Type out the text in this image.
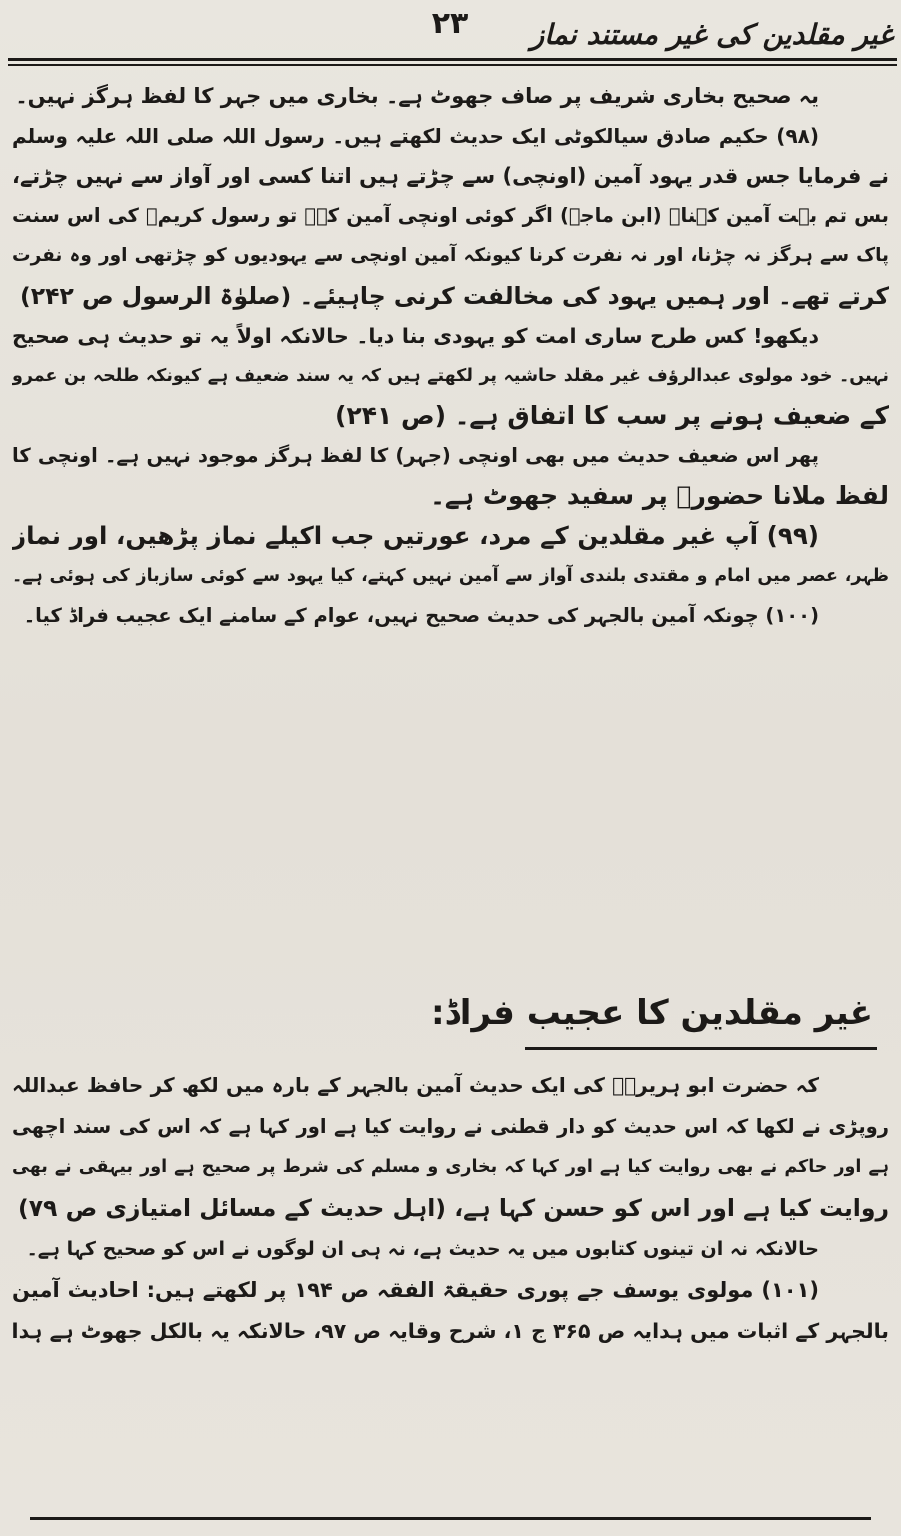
غیر مقلدین کی غیر مستند نماز
۲۳
یہ صحیح بخاری شریف پر صاف جھوٹ ہے۔ بخاری میں جہر کا لفظ ہرگز نہیں۔
(۹۸) حکیم صادق سیالکوٹی ایک حدیث لکھتے ہیں۔ رسول اللہ صلی اللہ علیہ وسلم
نے فرمایا جس قدر یہود آمین (اونچی) سے چڑتے ہیں اتنا کسی اور آواز سے نہیں چڑتے،
بس تم بہت آمین کہنا۔ (ابن ماجہ) اگر کوئی اونچی آمین کہے تو رسول کریمؐ کی اس سنت
پاک سے ہرگز نہ چڑنا، اور نہ نفرت کرنا کیونکہ آمین اونچی سے یہودیوں کو چڑتھی اور وہ نفرت
کرتے تھے۔ اور ہمیں یہود کی مخالفت کرنی چاہیئے۔ (صلوٰۃ الرسول ص ۲۴۲)
دیکھو! کس طرح ساری امت کو یہودی بنا دیا۔ حالانکہ اولاً یہ تو حدیث ہی صحیح
نہیں۔ خود مولوی عبدالرؤف غیر مقلد حاشیہ پر لکھتے ہیں کہ یہ سند ضعیف ہے کیونکہ طلحہ بن عمرو
کے ضعیف ہونے پر سب کا اتفاق ہے۔ (ص ۲۴۱)
پھر اس ضعیف حدیث میں بھی اونچی (جہر) کا لفظ ہرگز موجود نہیں ہے۔ اونچی کا
لفظ ملانا حضورؐ پر سفید جھوٹ ہے۔
(۹۹) آپ غیر مقلدین کے مرد، عورتیں جب اکیلے نماز پڑھیں، اور نماز
ظہر، عصر میں امام و مقتدی بلندی آواز سے آمین نہیں کہتے، کیا یہود سے کوئی سازباز کی ہوئی ہے۔
(۱۰۰) چونکہ آمین بالجہر کی حدیث صحیح نہیں، عوام کے سامنے ایک عجیب فراڈ کیا۔
غیر مقلدین کا عجیب فراڈ:
کہ حضرت ابو ہریرہؓ کی ایک حدیث آمین بالجہر کے بارہ میں لکھ کر حافظ عبداللہ
روپڑی نے لکھا کہ اس حدیث کو دار قطنی نے روایت کیا ہے اور کہا ہے کہ اس کی سند اچھی
ہے اور حاکم نے بھی روایت کیا ہے اور کہا کہ بخاری و مسلم کی شرط پر صحیح ہے اور بیہقی نے بھی
روایت کیا ہے اور اس کو حسن کہا ہے، (اہل حدیث کے مسائل امتیازی ص ۷۹)
حالانکہ نہ ان تینوں کتابوں میں یہ حدیث ہے، نہ ہی ان لوگوں نے اس کو صحیح کہا ہے۔
(۱۰۱) مولوی یوسف جے پوری حقیقۃ الفقہ ص ۱۹۴ پر لکھتے ہیں: احادیث آمین
بالجہر کے اثبات میں ہدایہ ص ۳۶۵ ج ۱، شرح وقایہ ص ۹۷، حالانکہ یہ بالکل جھوٹ ہے ہدا
